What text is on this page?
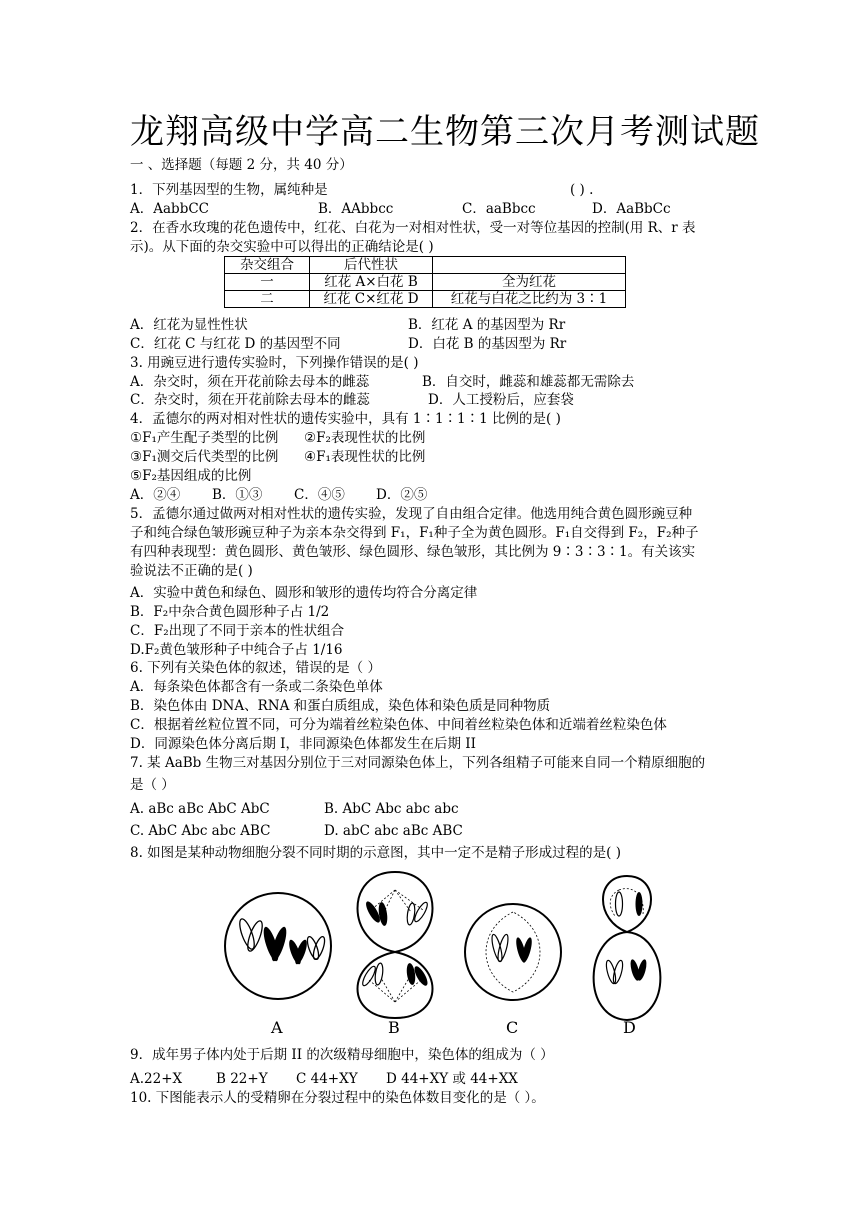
龙翔高级中学高二生物第三次月考测试题
一 、选择题（每题 2 分，共 40 分）
1．下列基因型的生物，属纯种是	( ) .
A．AabbCC	B．AAbbcc	C．aaBbcc	D．AaBbCc
2．在香水玫瑰的花色遗传中，红花、白花为一对相对性状，受一对等位基因的控制(用 R、r 表
示)。从下面的杂交实验中可以得出的正确结论是( )
杂交组合	后代性状	
一	红花 A×白花 B	全为红花
二	红花 C×红花 D	红花与白花之比约为 3∶1
A．红花为显性性状	B．红花 A 的基因型为 Rr
C．红花 C 与红花 D 的基因型不同	D．白花 B 的基因型为 Rr
3. 用豌豆进行遗传实验时，下列操作错误的是( )
A．杂交时，须在开花前除去母本的雌蕊	B．自交时，雌蕊和雄蕊都无需除去
C．杂交时，须在开花前除去母本的雌蕊	D．人工授粉后，应套袋
4．孟德尔的两对相对性状的遗传实验中，具有 1∶1∶1∶1 比例的是( )
①F₁产生配子类型的比例 ②F₂表现性状的比例
③F₁测交后代类型的比例 ④F₁表现性状的比例
⑤F₂基因组成的比例
A．②④ B．①③ C．④⑤ D．②⑤
5．孟德尔通过做两对相对性状的遗传实验，发现了自由组合定律。他选用纯合黄色圆形豌豆种
子和纯合绿色皱形豌豆种子为亲本杂交得到 F₁，F₁种子全为黄色圆形。F₁自交得到 F₂，F₂种子
有四种表现型：黄色圆形、黄色皱形、绿色圆形、绿色皱形，其比例为 9∶3∶3∶1。有关该实
验说法不正确的是( )
A．实验中黄色和绿色、圆形和皱形的遗传均符合分离定律
B．F₂中杂合黄色圆形种子占 1/2
C．F₂出现了不同于亲本的性状组合
D.F₂黄色皱形种子中纯合子占 1/16
6. 下列有关染色体的叙述，错误的是（ ）
A．每条染色体都含有一条或二条染色单体
B．染色体由 DNA、RNA 和蛋白质组成，染色体和染色质是同种物质
C．根据着丝粒位置不同，可分为端着丝粒染色体、中间着丝粒染色体和近端着丝粒染色体
D．同源染色体分离后期 I，非同源染色体都发生在后期 II
7. 某 AaBb 生物三对基因分别位于三对同源染色体上，下列各组精子可能来自同一个精原细胞的
是（ ）
A. aBc aBc AbC AbC	B. AbC Abc abc abc
C. AbC Abc abc ABC	D. abC abc aBc ABC
8. 如图是某种动物细胞分裂不同时期的示意图，其中一定不是精子形成过程的是( )
A	B	C	D
9．成年男子体内处于后期 II 的次级精母细胞中，染色体的组成为（ ）
A.22+X	B 22+Y C 44+XY D 44+XY 或 44+XX
10. 下图能表示人的受精卵在分裂过程中的染色体数目变化的是（ ）。
